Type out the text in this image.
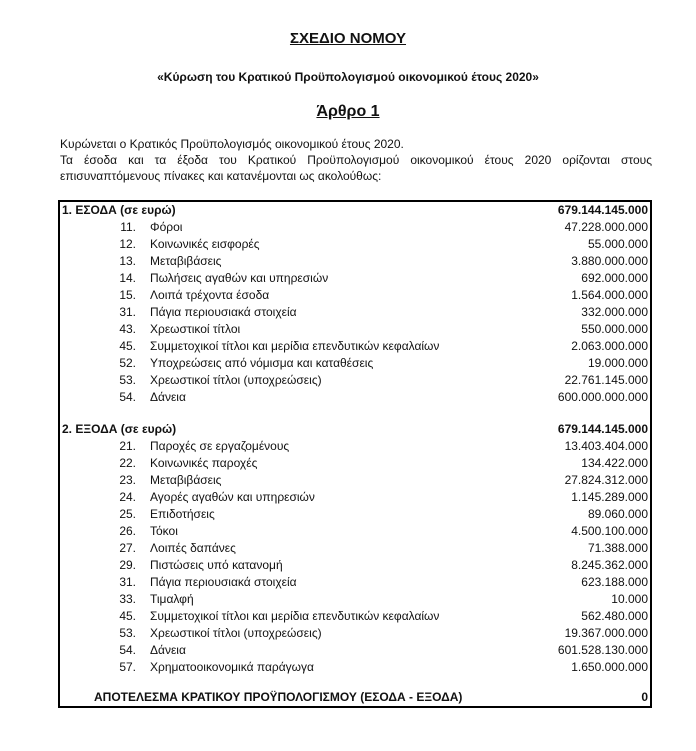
ΣΧΕΔΙΟ ΝΟΜΟΥ
«Κύρωση του Κρατικού Προϋπολογισμού οικονομικού έτους 2020»
Άρθρο 1

Κυρώνεται ο Κρατικός Προϋπολογισμός οικονομικού έτους 2020.

Τα έσοδα και τα έξοδα του Κρατικού Προϋπολογισμού οικονομικού έτους 2020 ορίζονται στους επισυναπτόμενους πίνακες και κατανέμονται ως ακολούθως:

1. ΕΣΟΔΑ (σε ευρώ)	679.144.145.000
11. Φόροι	47.228.000.000
12. Κοινωνικές εισφορές	55.000.000
13. Μεταβιβάσεις	3.880.000.000
14. Πωλήσεις αγαθών και υπηρεσιών	692.000.000
15. Λοιπά τρέχοντα έσοδα	1.564.000.000
31. Πάγια περιουσιακά στοιχεία	332.000.000
43. Χρεωστικοί τίτλοι	550.000.000
45. Συμμετοχικοί τίτλοι και μερίδια επενδυτικών κεφαλαίων	2.063.000.000
52. Υποχρεώσεις από νόμισμα και καταθέσεις	19.000.000
53. Χρεωστικοί τίτλοι (υποχρεώσεις)	22.761.145.000
54. Δάνεια	600.000.000.000
2. ΕΞΟΔΑ (σε ευρώ)	679.144.145.000
21. Παροχές σε εργαζομένους	13.403.404.000
22. Κοινωνικές παροχές	134.422.000
23. Μεταβιβάσεις	27.824.312.000
24. Αγορές αγαθών και υπηρεσιών	1.145.289.000
25. Επιδοτήσεις	89.060.000
26. Τόκοι	4.500.100.000
27. Λοιπές δαπάνες	71.388.000
29. Πιστώσεις υπό κατανομή	8.245.362.000
31. Πάγια περιουσιακά στοιχεία	623.188.000
33. Τιμαλφή	10.000
45. Συμμετοχικοί τίτλοι και μερίδια επενδυτικών κεφαλαίων	562.480.000
53. Χρεωστικοί τίτλοι (υποχρεώσεις)	19.367.000.000
54. Δάνεια	601.528.130.000
57. Χρηματοοικονομικά παράγωγα	1.650.000.000
ΑΠΟΤΕΛΕΣΜΑ ΚΡΑΤΙΚΟΥ ΠΡΟΫΠΟΛΟΓΙΣΜΟΥ (ΕΣΟΔΑ - ΕΞΟΔΑ)	0
